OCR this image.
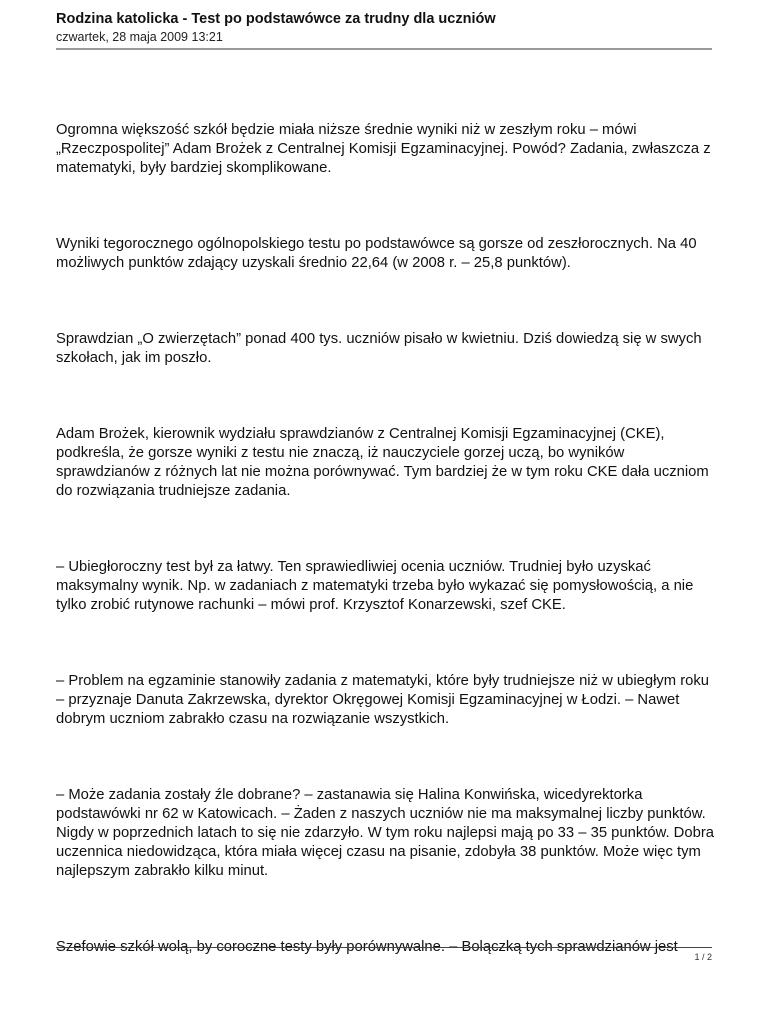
Rodzina katolicka - Test po podstawówce za trudny dla uczniów
czwartek, 28 maja 2009 13:21

Ogromna większość szkół będzie miała niższe średnie wyniki niż w zeszłym roku – mówi „Rzeczpospolitej” Adam Brożek z Centralnej Komisji Egzaminacyjnej. Powód? Zadania, zwłaszcza z matematyki, były bardziej skomplikowane.

Wyniki tegorocznego ogólnopolskiego testu po podstawówce są gorsze od zeszłorocznych. Na 40 możliwych punktów zdający uzyskali średnio 22,64 (w 2008 r. – 25,8 punktów).

Sprawdzian „O zwierzętach” ponad 400 tys. uczniów pisało w kwietniu. Dziś dowiedzą się w swych szkołach, jak im poszło.

Adam Brożek, kierownik wydziału sprawdzianów z Centralnej Komisji Egzaminacyjnej (CKE), podkreśla, że gorsze wyniki z testu nie znaczą, iż nauczyciele gorzej uczą, bo wyników sprawdzianów z różnych lat nie można porównywać. Tym bardziej że w tym roku CKE dała uczniom do rozwiązania trudniejsze zadania.

– Ubiegłoroczny test był za łatwy. Ten sprawiedliwiej ocenia uczniów. Trudniej było uzyskać maksymalny wynik. Np. w zadaniach z matematyki trzeba było wykazać się pomysłowością, a nie tylko zrobić rutynowe rachunki – mówi prof. Krzysztof Konarzewski, szef CKE.

– Problem na egzaminie stanowiły zadania z matematyki, które były trudniejsze niż w ubiegłym roku – przyznaje Danuta Zakrzewska, dyrektor Okręgowej Komisji Egzaminacyjnej w Łodzi. – Nawet dobrym uczniom zabrakło czasu na rozwiązanie wszystkich.

– Może zadania zostały źle dobrane? – zastanawia się Halina Konwińska, wicedyrektorka podstawówki nr 62 w Katowicach. – Żaden z naszych uczniów nie ma maksymalnej liczby punktów. Nigdy w poprzednich latach to się nie zdarzyło. W tym roku najlepsi mają po 33 – 35 punktów. Dobra uczennica niedowidząca, która miała więcej czasu na pisanie, zdobyła 38 punktów. Może więc tym najlepszym zabrakło kilku minut.

Szefowie szkół wolą, by coroczne testy były porównywalne. – Bolączką tych sprawdzianów jest

1 / 2
